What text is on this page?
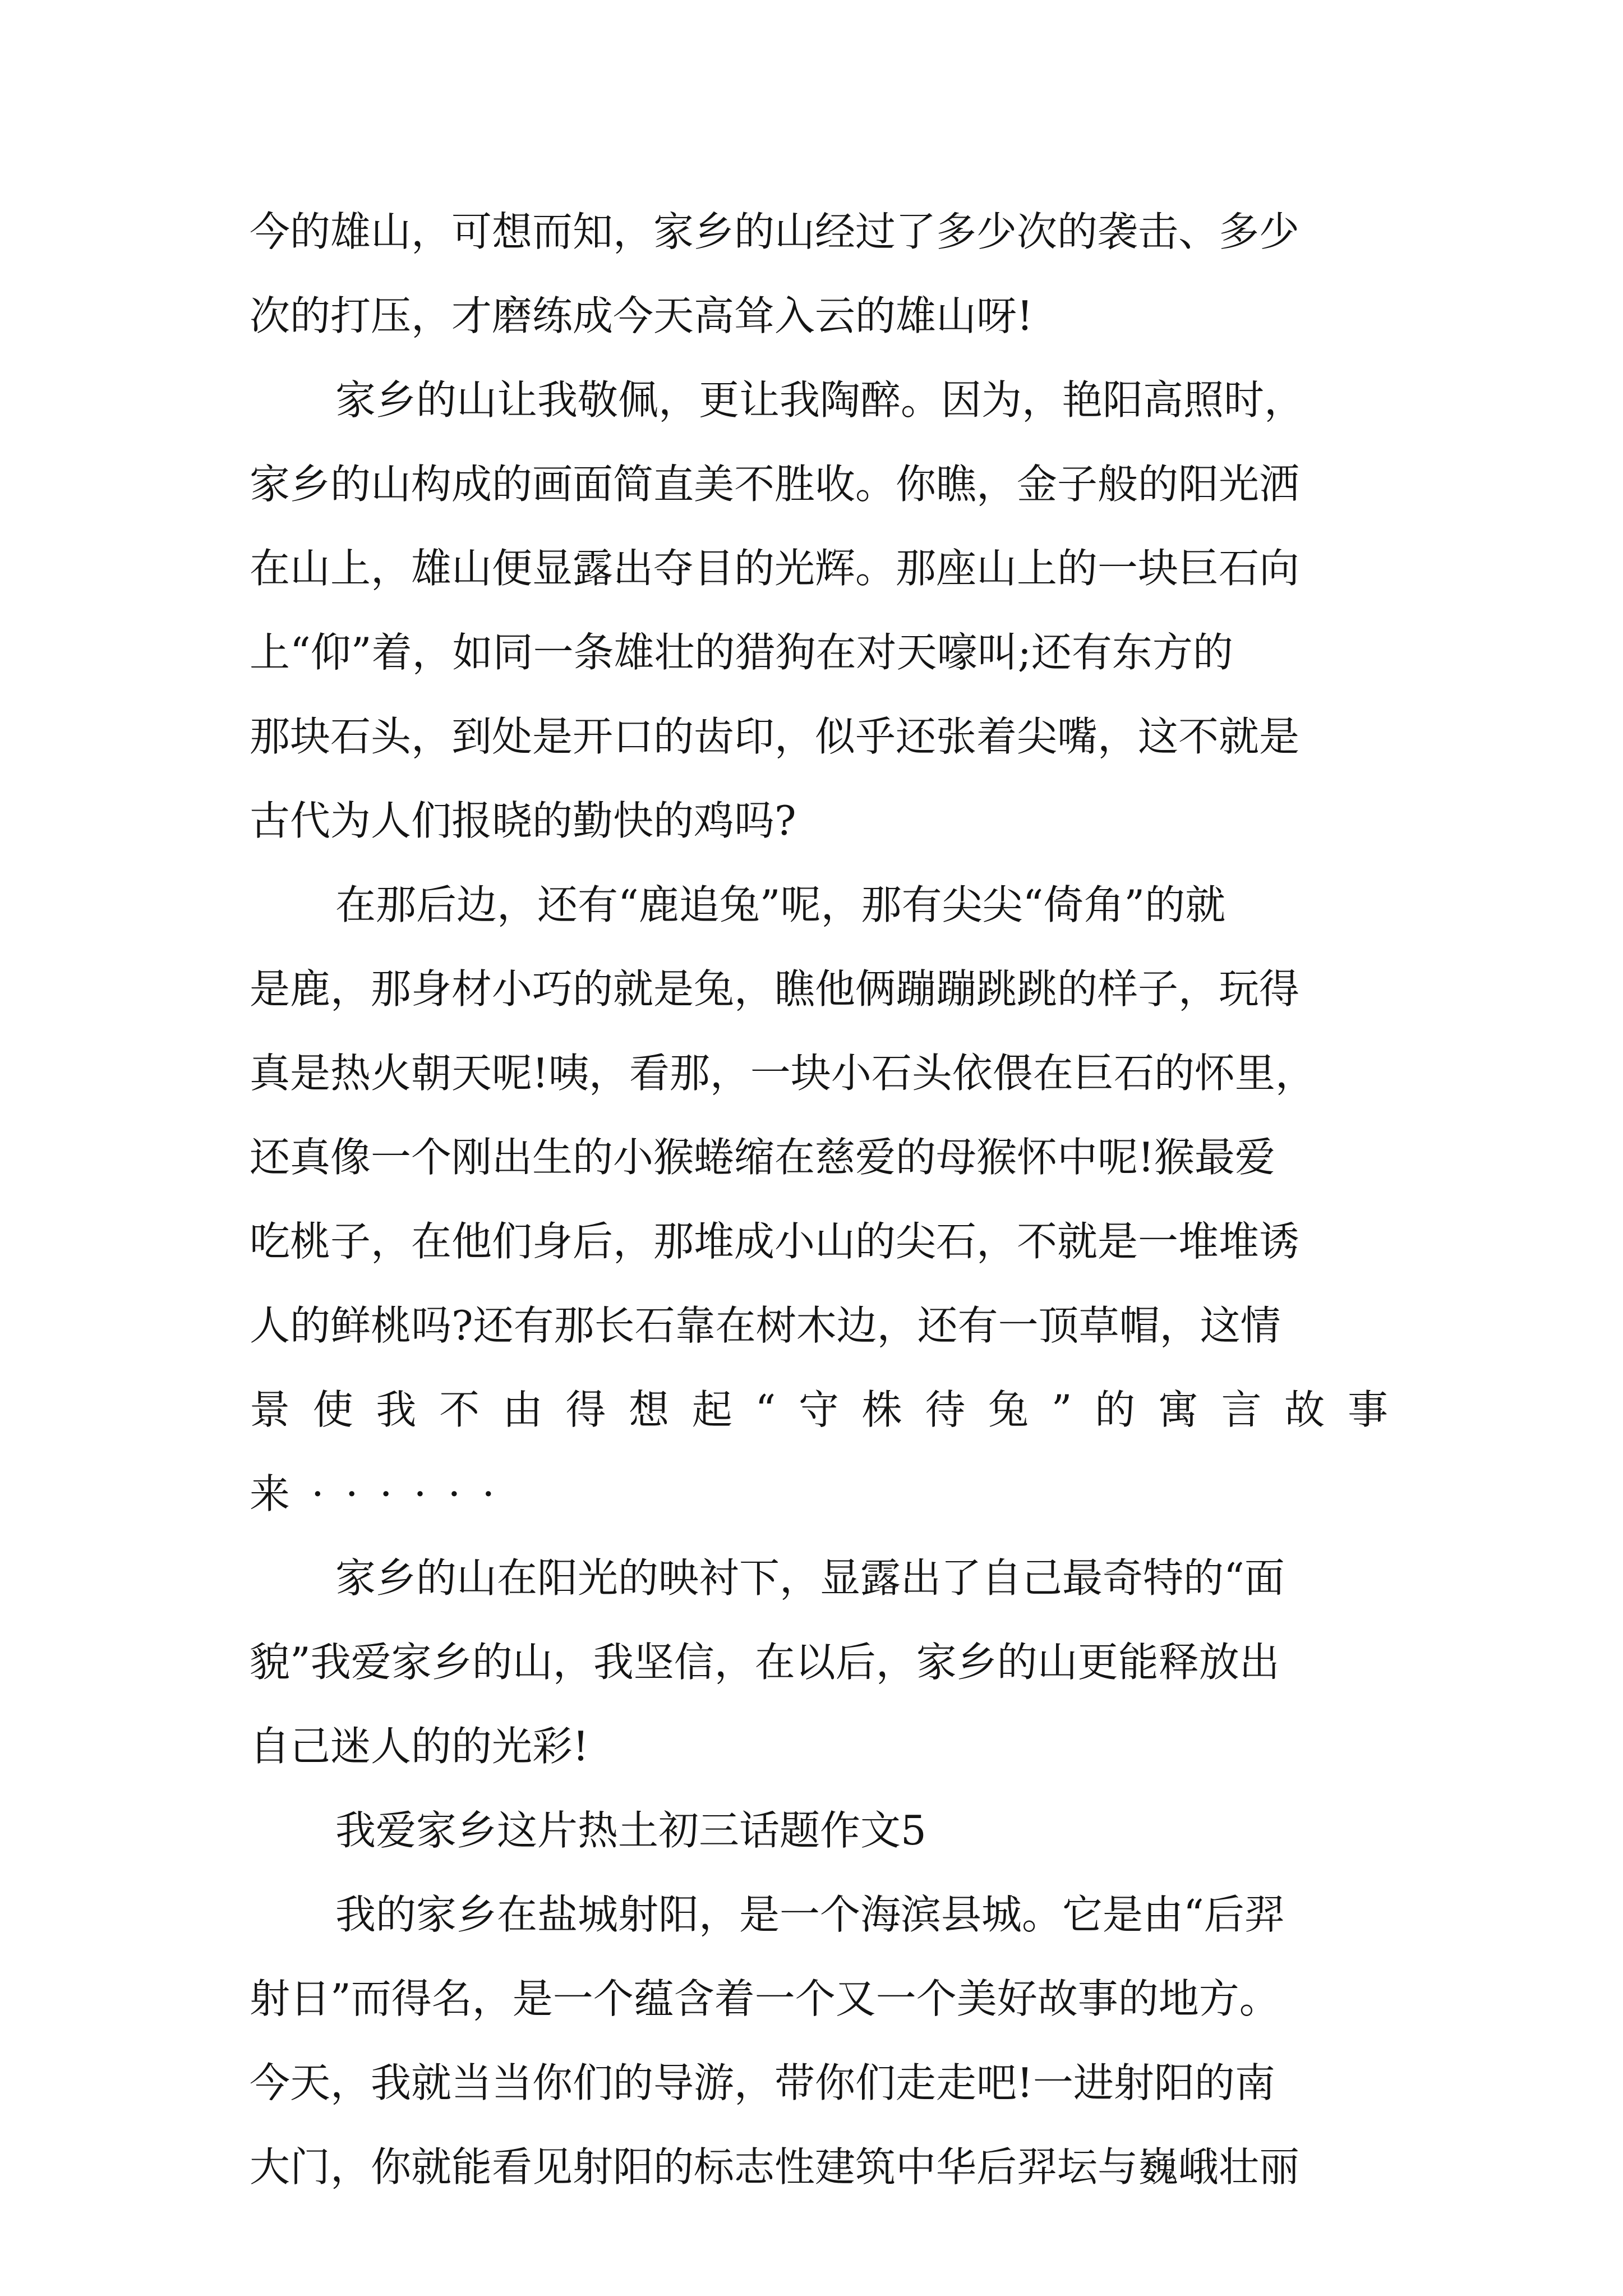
今的雄山，可想而知，家乡的山经过了多少次的袭击、多少
次的打压，才磨练成今天高耸入云的雄山呀!
家乡的山让我敬佩，更让我陶醉。因为，艳阳高照时，
家乡的山构成的画面简直美不胜收。你瞧，金子般的阳光洒
在山上，雄山便显露出夺目的光辉。那座山上的一块巨石向
上“仰”着，如同一条雄壮的猎狗在对天嚎叫;还有东方的
那块石头，到处是开口的齿印，似乎还张着尖嘴，这不就是
古代为人们报晓的勤快的鸡吗?
在那后边，还有“鹿追兔”呢，那有尖尖“倚角”的就
是鹿，那身材小巧的就是兔，瞧他俩蹦蹦跳跳的样子，玩得
真是热火朝天呢!咦，看那，一块小石头依偎在巨石的怀里，
还真像一个刚出生的小猴蜷缩在慈爱的母猴怀中呢!猴最爱
吃桃子，在他们身后，那堆成小山的尖石，不就是一堆堆诱
人的鲜桃吗?还有那长石靠在树木边，还有一顶草帽，这情
景 使 我 不 由 得 想 起 “ 守 株 待 兔 ” 的 寓 言 故 事
来······
家乡的山在阳光的映衬下，显露出了自己最奇特的“面
貌”我爱家乡的山，我坚信，在以后，家乡的山更能释放出
自己迷人的的光彩!
我爱家乡这片热土初三话题作文5
我的家乡在盐城射阳，是一个海滨县城。它是由“后羿
射日”而得名，是一个蕴含着一个又一个美好故事的地方。
今天，我就当当你们的导游，带你们走走吧!一进射阳的南
大门，你就能看见射阳的标志性建筑中华后羿坛与巍峨壮丽
